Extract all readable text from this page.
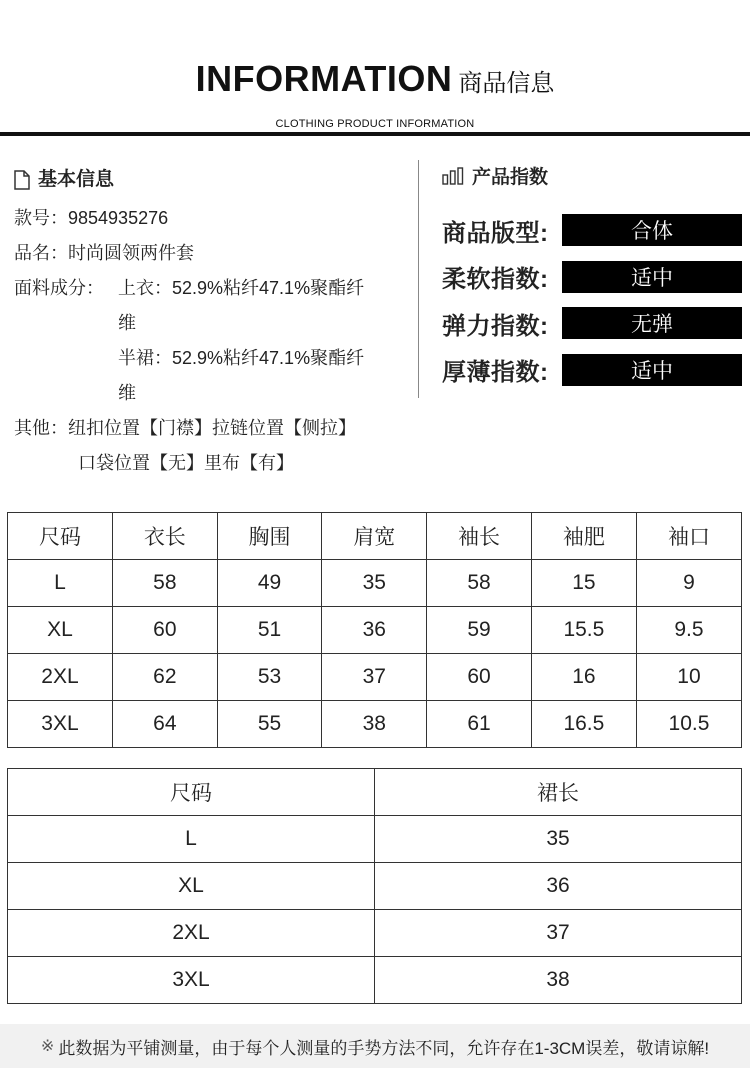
INFORMATION 商品信息
CLOTHING PRODUCT INFORMATION
基本信息
款号： 9854935276
品名： 时尚圆领两件套
面料成分： 上衣：52.9%粘纤47.1%聚酯纤
维
半裙：52.9%粘纤47.1%聚酯纤
维
其他： 纽扣位置【门襟】拉链位置【侧拉】
口袋位置【无】里布【有】
产品指数
商品版型:	合体
柔软指数:	适中
弹力指数:	无弹
厚薄指数:	适中
尺码	衣长	胸围	肩宽	袖长	袖肥	袖口
L	58	49	35	58	15	9
XL	60	51	36	59	15.5	9.5
2XL	62	53	37	60	16	10
3XL	64	55	38	61	16.5	10.5
尺码	裙长
L	35
XL	36
2XL	37
3XL	38
※ 此数据为平铺测量，由于每个人测量的手势方法不同，允许存在1-3CM误差，敬请谅解!
